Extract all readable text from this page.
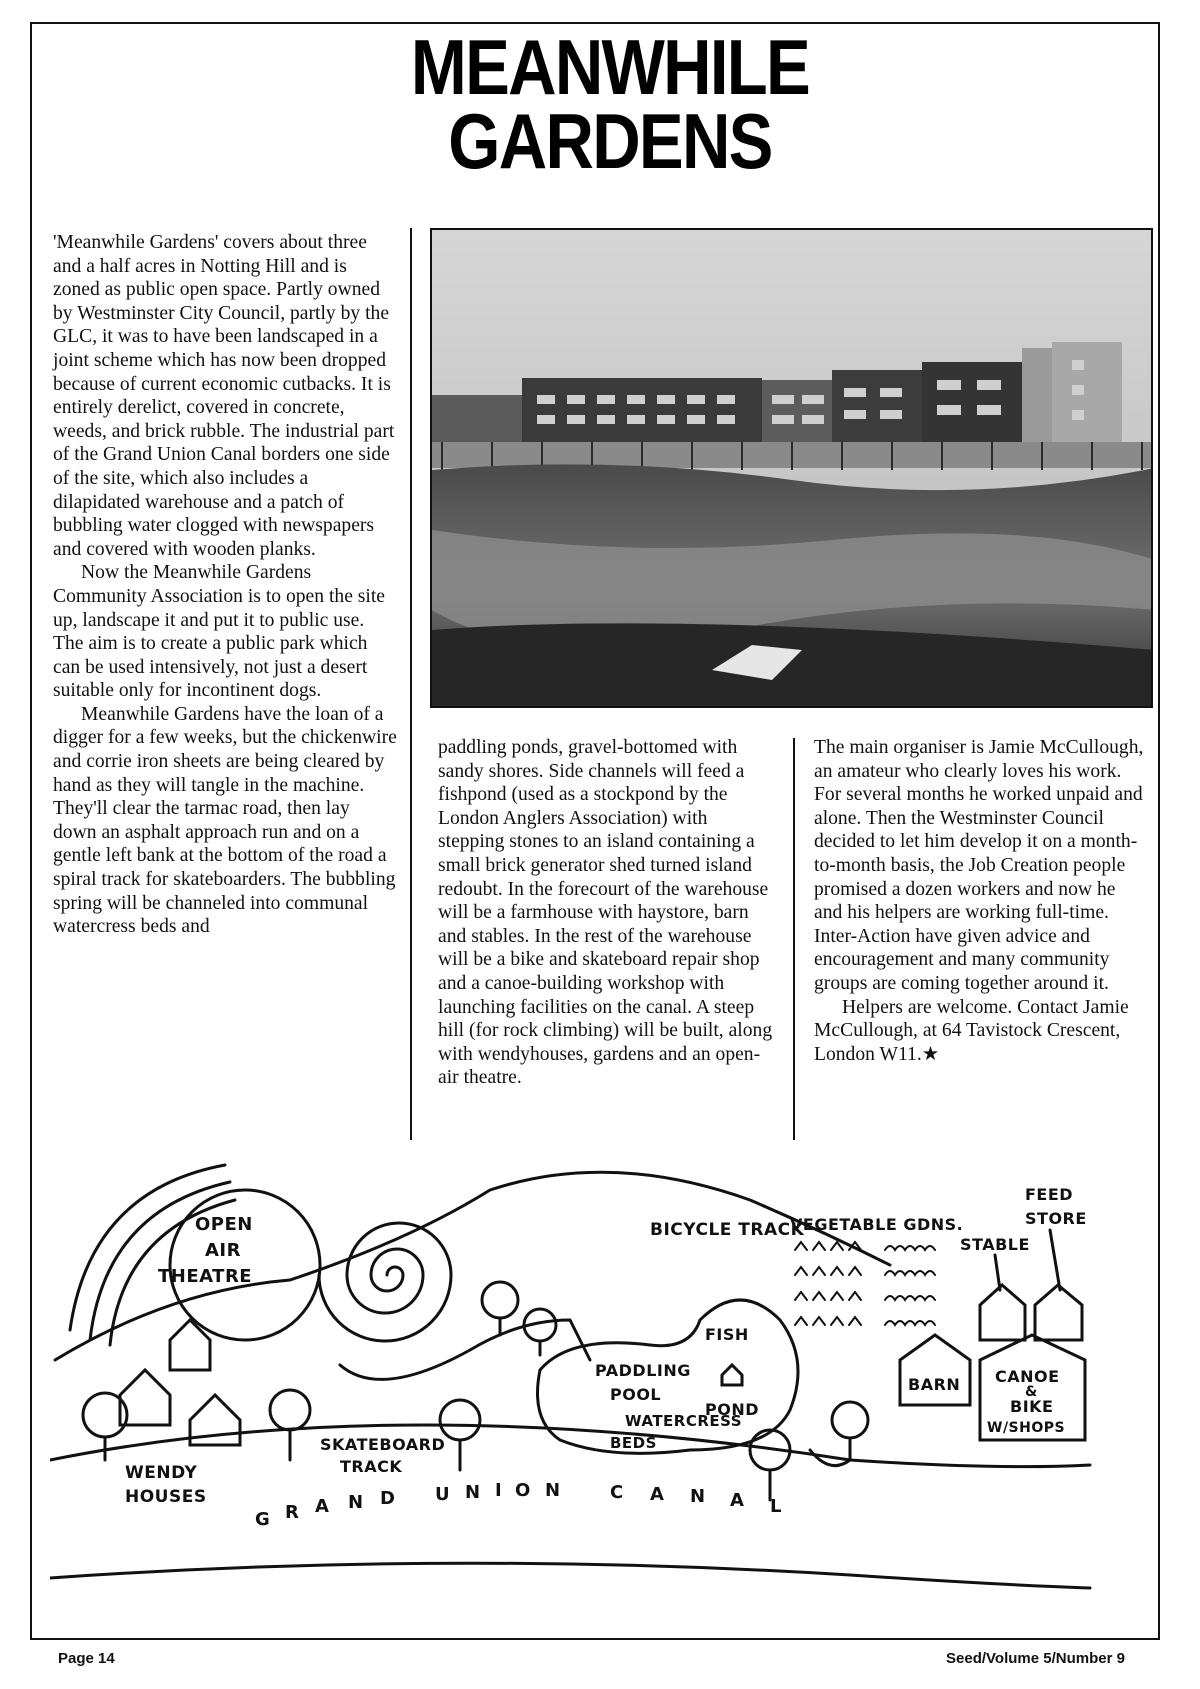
MEANWHILE
GARDENS

'Meanwhile Gardens' covers about three and a half acres in Notting Hill and is zoned as public open space. Partly owned by Westminster City Council, partly by the GLC, it was to have been landscaped in a joint scheme which has now been dropped because of current economic cutbacks. It is entirely derelict, covered in concrete, weeds, and brick rubble. The industrial part of the Grand Union Canal borders one side of the site, which also includes a dilapidated warehouse and a patch of bubbling water clogged with newspapers and covered with wooden planks.

Now the Meanwhile Gardens Community Association is to open the site up, landscape it and put it to public use. The aim is to create a public park which can be used intensively, not just a desert suitable only for incontinent dogs.

Meanwhile Gardens have the loan of a digger for a few weeks, but the chickenwire and corrie iron sheets are being cleared by hand as they will tangle in the machine. They'll clear the tarmac road, then lay down an asphalt approach run and on a gentle left bank at the bottom of the road a spiral track for skateboarders. The bubbling spring will be channeled into communal watercress beds and

paddling ponds, gravel-bottomed with sandy shores. Side channels will feed a fishpond (used as a stockpond by the London Anglers Association) with stepping stones to an island containing a small brick generator shed turned island redoubt. In the forecourt of the warehouse will be a farmhouse with haystore, barn and stables. In the rest of the warehouse will be a bike and skateboard repair shop and a canoe-building workshop with launching facilities on the canal. A steep hill (for rock climbing) will be built, along with wendyhouses, gardens and an open-air theatre.

The main organiser is Jamie McCullough, an amateur who clearly loves his work. For several months he worked unpaid and alone. Then the Westminster Council decided to let him develop it on a month-to-month basis, the Job Creation people promised a dozen workers and now he and his helpers are working full-time. Inter-Action have given advice and encouragement and many community groups are coming together around it.

Helpers are welcome. Contact Jamie McCullough, at 64 Tavistock Crescent, London W11.★

OPEN
AIR
THEATRE
BICYCLE TRACK
SKATEBOARD
TRACK
WENDY
HOUSES
PADDLING
POOL
FISH
POND
WATERCRESS
BEDS
VEGETABLE GDNS.
STABLE
FEED
STORE
BARN CANOE
&
BIKE
W/SHOPS
G R A N D U N I O N	C A N A L
Page 14	Seed/Volume 5/Number 9
